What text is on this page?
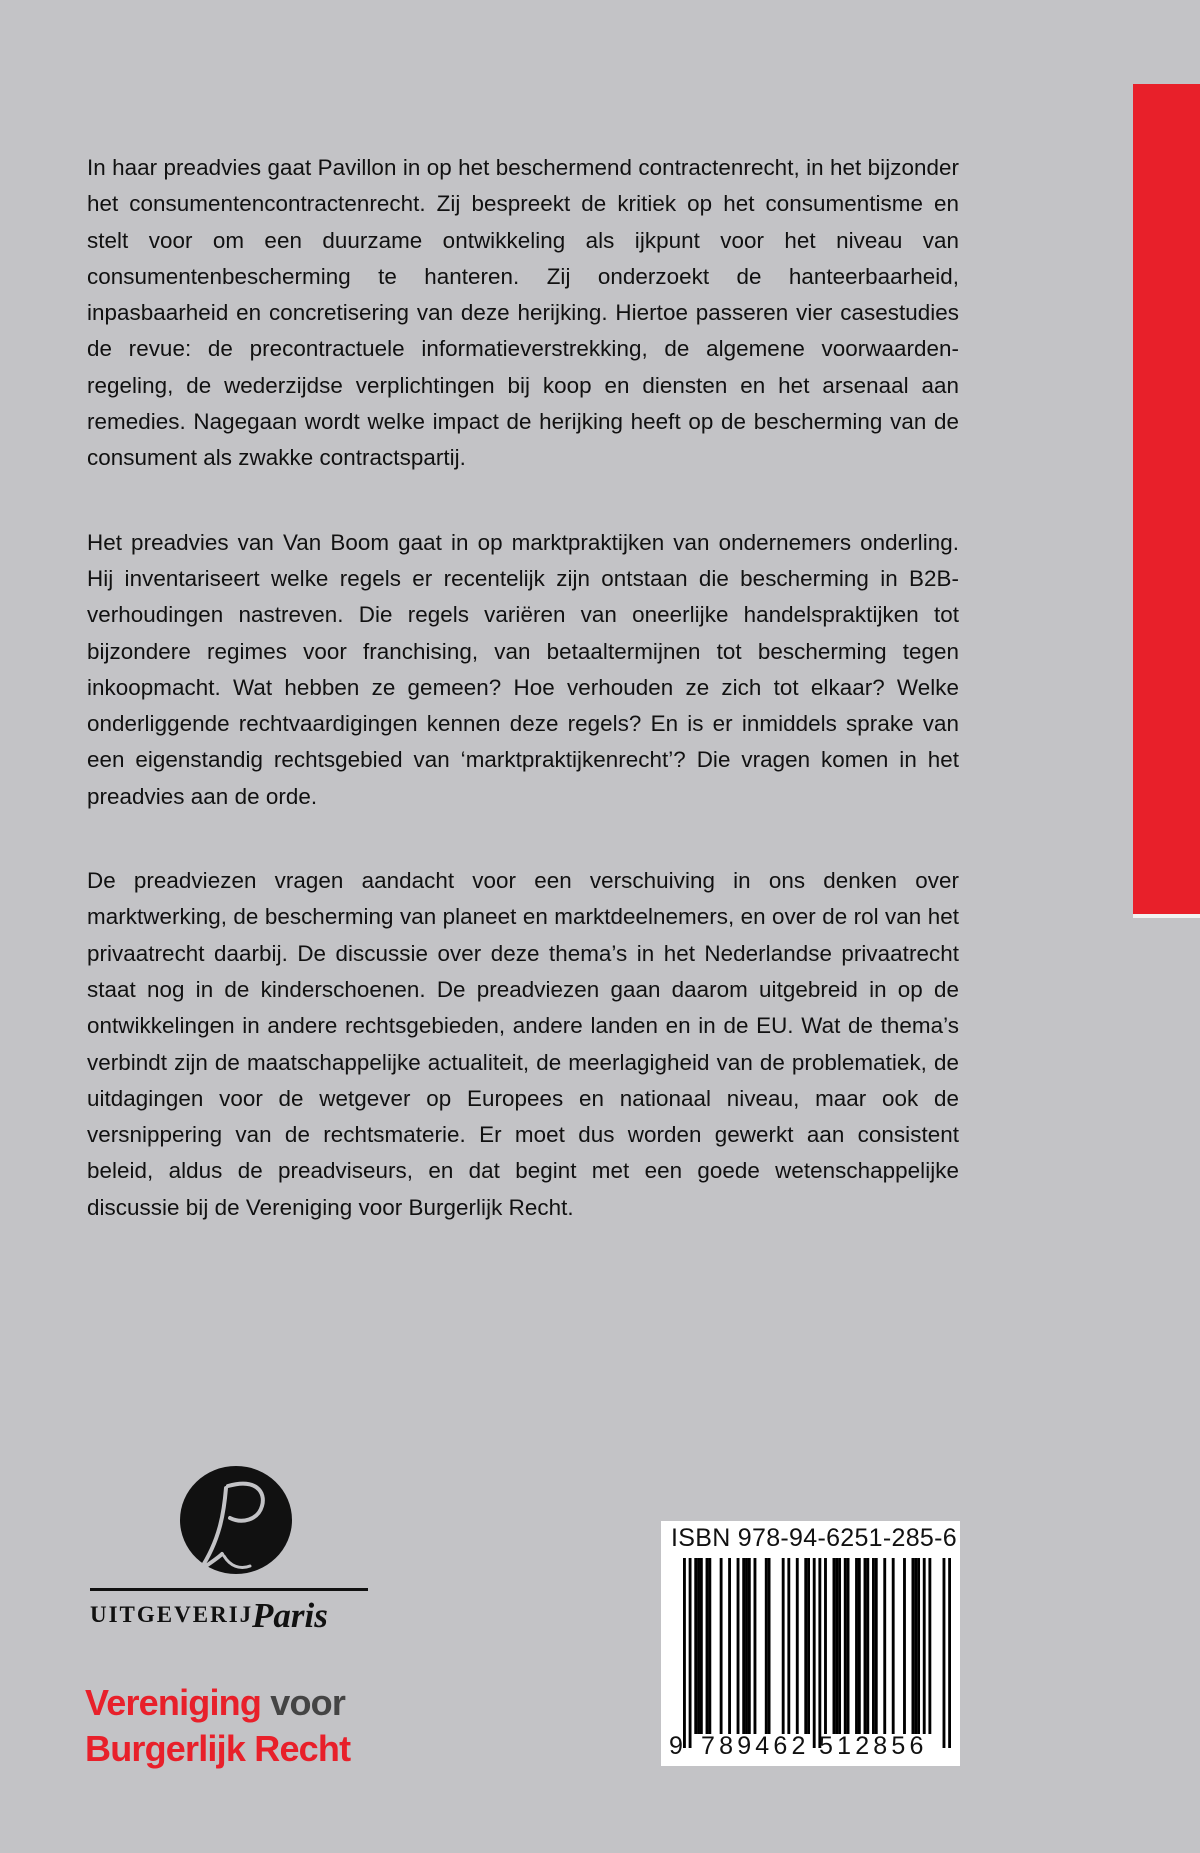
In haar preadvies gaat Pavillon in op het beschermend contractenrecht, in het bijzonder het consumentencontractenrecht. Zij bespreekt de kritiek op het consumentisme en stelt voor om een duurzame ontwikkeling als ijkpunt voor het niveau van consumentenbescherming te hanteren. Zij onderzoekt de hanteerbaarheid, inpasbaarheid en concretisering van deze herijking. Hiertoe passeren vier casestudies de revue: de precontractuele informatieverstrekking, de algemene voorwaarden-regeling, de wederzijdse verplichtingen bij koop en diensten en het arsenaal aan remedies. Nagegaan wordt welke impact de herijking heeft op de bescherming van de consument als zwakke contractspartij.

Het preadvies van Van Boom gaat in op marktpraktijken van ondernemers onderling. Hij inventariseert welke regels er recentelijk zijn ontstaan die bescherming in B2B-verhoudingen nastreven. Die regels variëren van oneerlijke handelspraktijken tot bijzondere regimes voor franchising, van betaaltermijnen tot bescherming tegen inkoopmacht. Wat hebben ze gemeen? Hoe verhouden ze zich tot elkaar? Welke onderliggende rechtvaardigingen kennen deze regels? En is er inmiddels sprake van een eigenstandig rechtsgebied van ‘marktpraktijkenrecht’? Die vragen komen in het preadvies aan de orde.

De preadviezen vragen aandacht voor een verschuiving in ons denken over marktwerking, de bescherming van planeet en marktdeelnemers, en over de rol van het privaatrecht daarbij. De discussie over deze thema’s in het Nederlandse privaatrecht staat nog in de kinderschoenen. De preadviezen gaan daarom uitgebreid in op de ontwikkelingen in andere rechtsgebieden, andere landen en in de EU. Wat de thema’s verbindt zijn de maatschappelijke actualiteit, de meerlagigheid van de problematiek, de uitdagingen voor de wetgever op Europees en nationaal niveau, maar ook de versnippering van de rechtsmaterie. Er moet dus worden gewerkt aan consistent beleid, aldus de preadviseurs, en dat begint met een goede wetenschappelijke discussie bij de Vereniging voor Burgerlijk Recht.

UITGEVERIJ
Paris
Vereniging voor
Burgerlijk Recht
ISBN 978-94-6251-285-6
9 789462 512856
